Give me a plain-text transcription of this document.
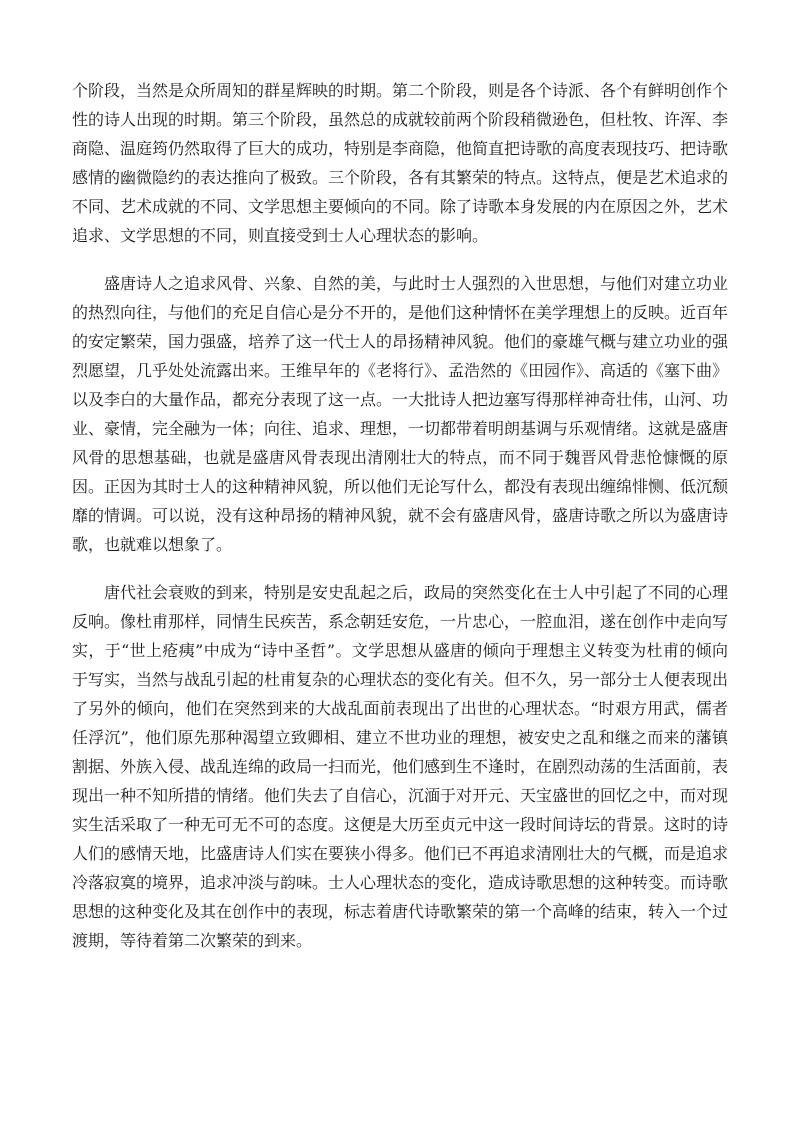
个阶段，当然是众所周知的群星辉映的时期。第二个阶段，则是各个诗派、各个有鲜明创作个性的诗人出现的时期。第三个阶段，虽然总的成就较前两个阶段稍微逊色，但杜牧、许浑、李商隐、温庭筠仍然取得了巨大的成功，特别是李商隐，他简直把诗歌的高度表现技巧、把诗歌感情的幽微隐约的表达推向了极致。三个阶段，各有其繁荣的特点。这特点，便是艺术追求的不同、艺术成就的不同、文学思想主要倾向的不同。除了诗歌本身发展的内在原因之外，艺术追求、文学思想的不同，则直接受到士人心理状态的影响。

盛唐诗人之追求风骨、兴象、自然的美，与此时士人强烈的入世思想，与他们对建立功业的热烈向往，与他们的充足自信心是分不开的，是他们这种情怀在美学理想上的反映。近百年的安定繁荣，国力强盛，培养了这一代士人的昂扬精神风貌。他们的豪雄气概与建立功业的强烈愿望，几乎处处流露出来。王维早年的《老将行》、孟浩然的《田园作》、高适的《塞下曲》以及李白的大量作品，都充分表现了这一点。一大批诗人把边塞写得那样神奇壮伟，山河、功业、豪情，完全融为一体；向往、追求、理想，一切都带着明朗基调与乐观情绪。这就是盛唐风骨的思想基础，也就是盛唐风骨表现出清刚壮大的特点，而不同于魏晋风骨悲怆慷慨的原因。正因为其时士人的这种精神风貌，所以他们无论写什么，都没有表现出缠绵悱恻、低沉颓靡的情调。可以说，没有这种昂扬的精神风貌，就不会有盛唐风骨，盛唐诗歌之所以为盛唐诗歌，也就难以想象了。

唐代社会衰败的到来，特别是安史乱起之后，政局的突然变化在士人中引起了不同的心理反响。像杜甫那样，同情生民疾苦，系念朝廷安危，一片忠心，一腔血泪，遂在创作中走向写实，于“世上疮痍”中成为“诗中圣哲”。文学思想从盛唐的倾向于理想主义转变为杜甫的倾向于写实，当然与战乱引起的杜甫复杂的心理状态的变化有关。但不久，另一部分士人便表现出了另外的倾向，他们在突然到来的大战乱面前表现出了出世的心理状态。“时艰方用武，儒者任浮沉”，他们原先那种渴望立致卿相、建立不世功业的理想，被安史之乱和继之而来的藩镇割据、外族入侵、战乱连绵的政局一扫而光，他们感到生不逢时，在剧烈动荡的生活面前，表现出一种不知所措的情绪。他们失去了自信心，沉湎于对开元、天宝盛世的回忆之中，而对现实生活采取了一种无可无不可的态度。这便是大历至贞元中这一段时间诗坛的背景。这时的诗人们的感情天地，比盛唐诗人们实在要狭小得多。他们已不再追求清刚壮大的气概，而是追求冷落寂寞的境界，追求冲淡与韵味。士人心理状态的变化，造成诗歌思想的这种转变。而诗歌思想的这种变化及其在创作中的表现，标志着唐代诗歌繁荣的第一个高峰的结束，转入一个过渡期，等待着第二次繁荣的到来。
